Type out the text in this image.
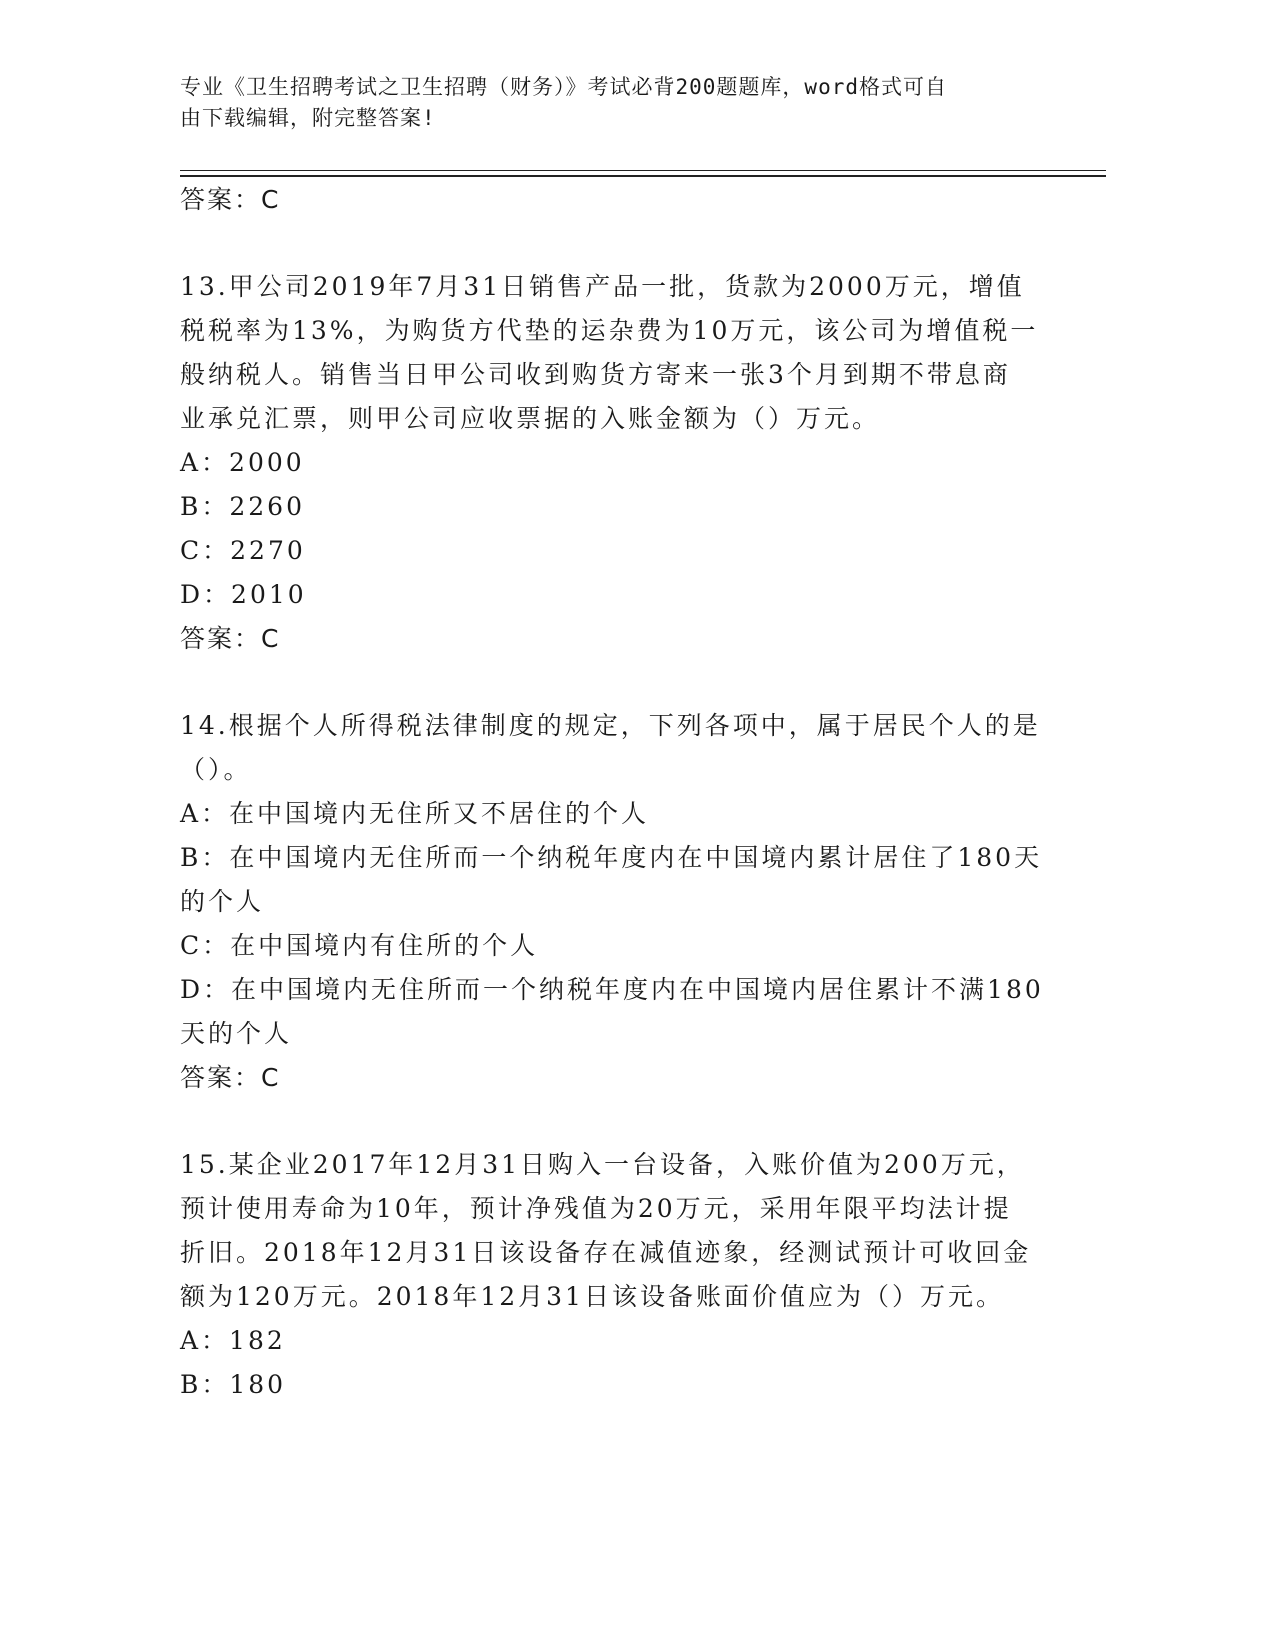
专业《卫生招聘考试之卫生招聘（财务）》考试必背200题题库，word格式可自
由下载编辑，附完整答案!
答案：C
13.甲公司2019年7月31日销售产品一批，货款为2000万元，增值
税税率为13%，为购货方代垫的运杂费为10万元，该公司为增值税一
般纳税人。销售当日甲公司收到购货方寄来一张3个月到期不带息商
业承兑汇票，则甲公司应收票据的入账金额为（）万元。
A：2000
B：2260
C：2270
D：2010
答案：C
14.根据个人所得税法律制度的规定，下列各项中，属于居民个人的是
（）。
A：在中国境内无住所又不居住的个人
B：在中国境内无住所而一个纳税年度内在中国境内累计居住了180天
的个人
C：在中国境内有住所的个人
D：在中国境内无住所而一个纳税年度内在中国境内居住累计不满180
天的个人
答案：C
15.某企业2017年12月31日购入一台设备，入账价值为200万元，
预计使用寿命为10年，预计净残值为20万元，采用年限平均法计提
折旧。2018年12月31日该设备存在减值迹象，经测试预计可收回金
额为120万元。2018年12月31日该设备账面价值应为（）万元。
A：182
B：180
